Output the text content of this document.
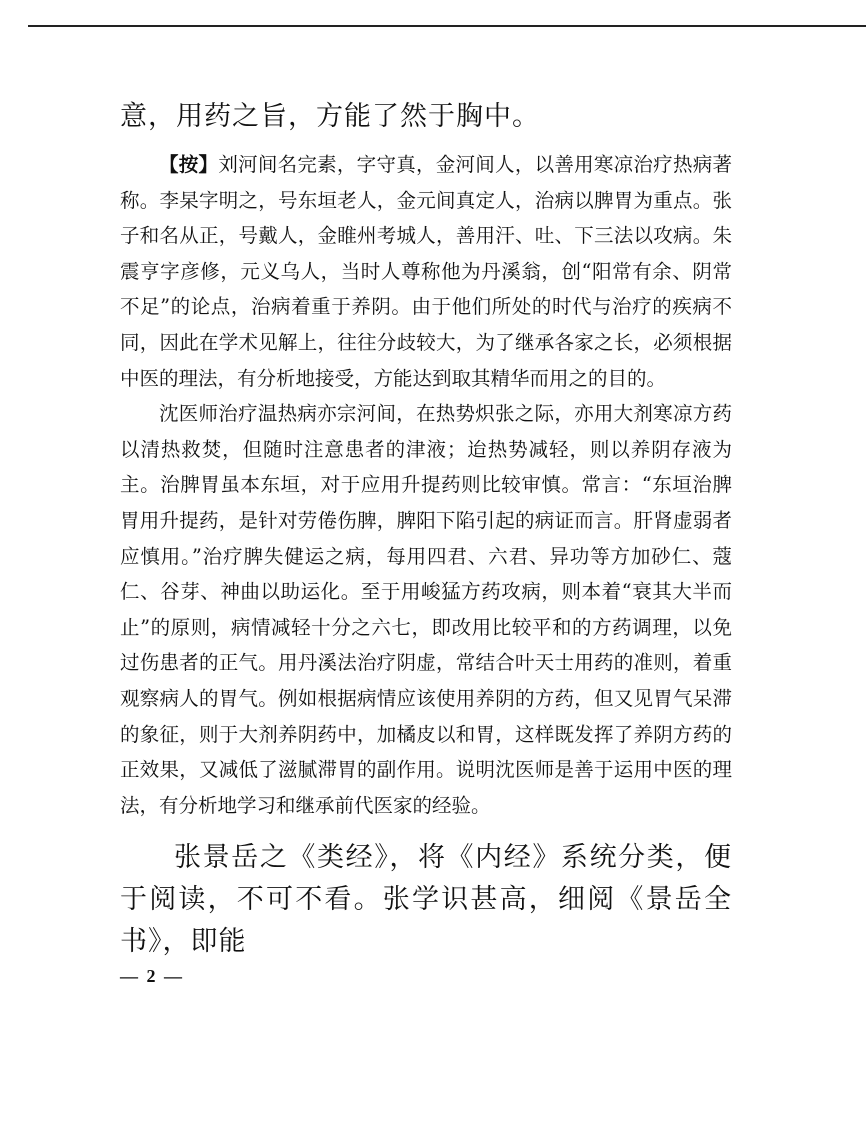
意，用药之旨，方能了然于胸中。

【按】刘河间名完素，字守真，金河间人，以善用寒凉治疗热病著称。李杲字明之，号东垣老人，金元间真定人，治病以脾胃为重点。张子和名从正，号戴人，金睢州考城人，善用汗、吐、下三法以攻病。朱震亨字彦修，元义乌人，当时人尊称他为丹溪翁，创“阳常有余、阴常不足”的论点，治病着重于养阴。由于他们所处的时代与治疗的疾病不同，因此在学术见解上，往往分歧较大，为了继承各家之长，必须根据中医的理法，有分析地接受，方能达到取其精华而用之的目的。

沈医师治疗温热病亦宗河间，在热势炽张之际，亦用大剂寒凉方药以清热救焚，但随时注意患者的津液；迨热势减轻，则以养阴存液为主。治脾胃虽本东垣，对于应用升提药则比较审慎。常言：“东垣治脾胃用升提药，是针对劳倦伤脾，脾阳下陷引起的病证而言。肝肾虚弱者应慎用。”治疗脾失健运之病，每用四君、六君、异功等方加砂仁、蔻仁、谷芽、神曲以助运化。至于用峻猛方药攻病，则本着“衰其大半而止”的原则，病情减轻十分之六七，即改用比较平和的方药调理，以免过伤患者的正气。用丹溪法治疗阴虚，常结合叶天士用药的准则，着重观察病人的胃气。例如根据病情应该使用养阴的方药，但又见胃气呆滞的象征，则于大剂养阴药中，加橘皮以和胃，这样既发挥了养阴方药的正效果，又减低了滋腻滞胃的副作用。说明沈医师是善于运用中医的理法，有分析地学习和继承前代医家的经验。

张景岳之《类经》，将《内经》系统分类，便于阅读，不可不看。张学识甚高，细阅《景岳全书》，即能

— 2 —
